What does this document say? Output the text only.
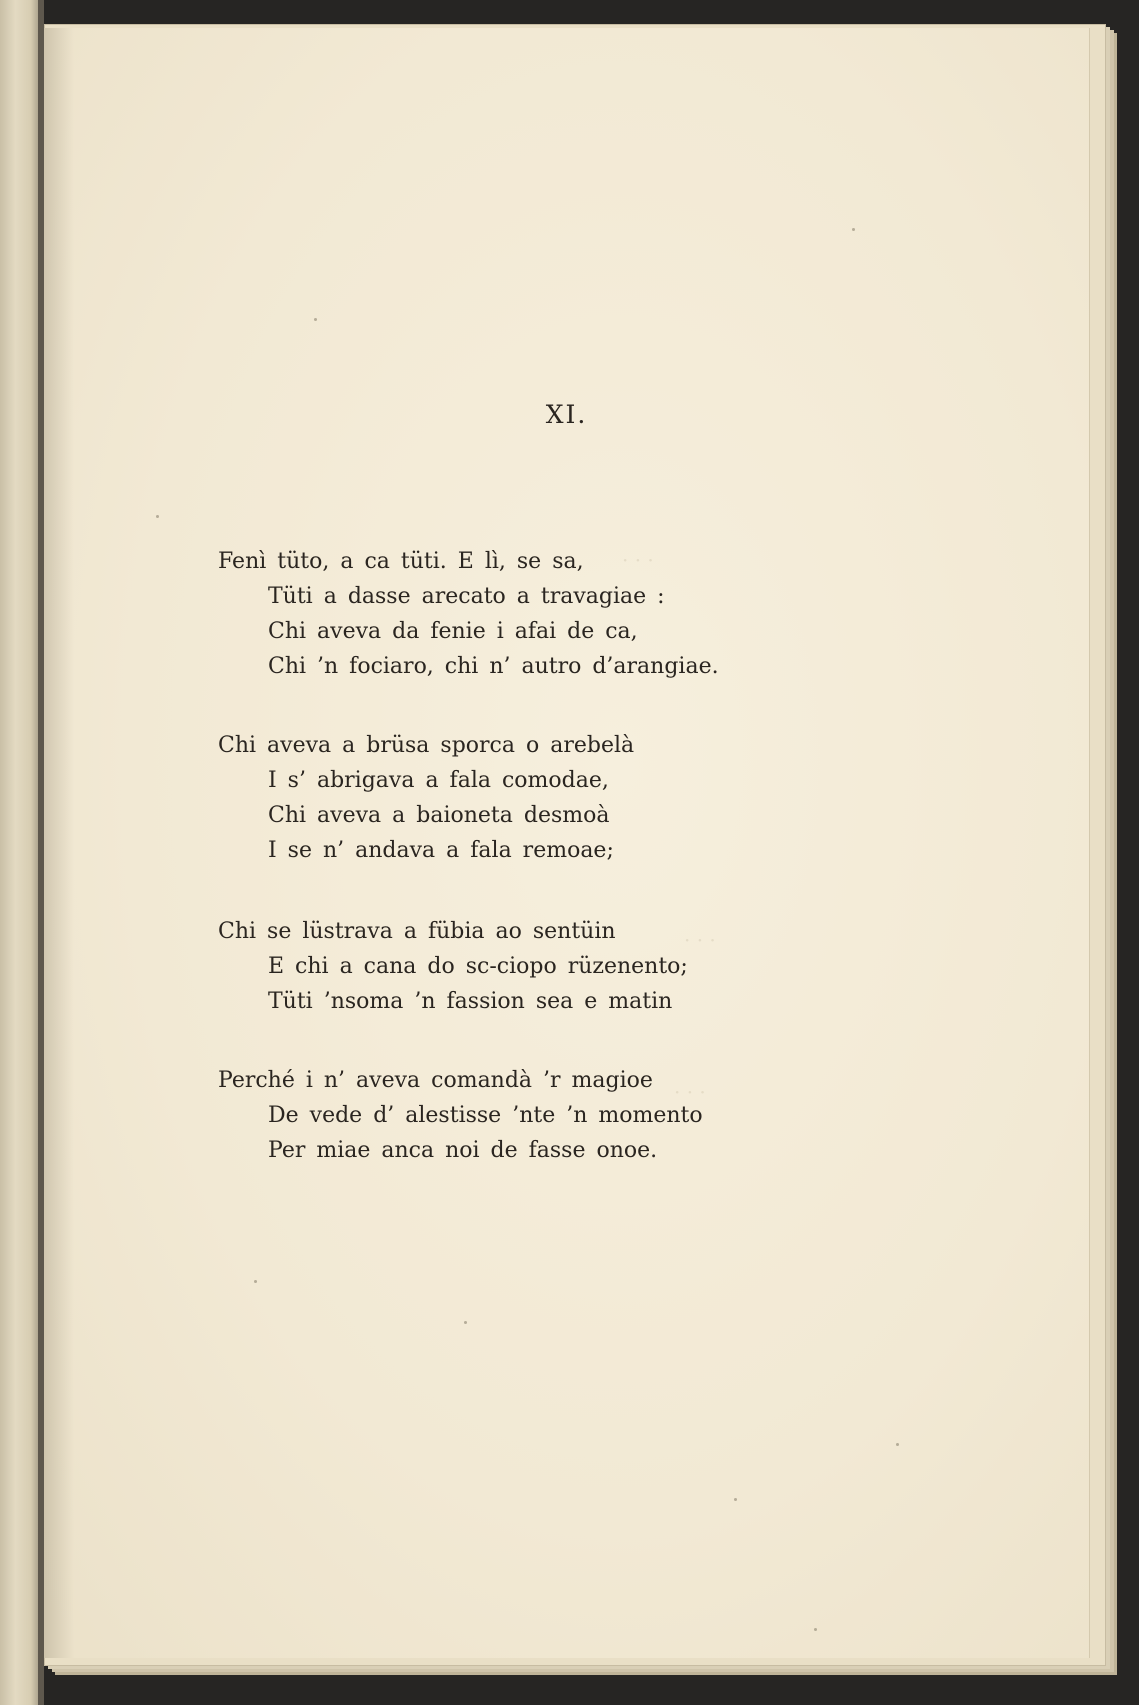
· · ·
· · ·
· · ·
XI.
Fenì tüto, a ca tüti. E lì, se sa,
Tüti a dasse arecato a travagiae :
Chi aveva da fenie i afai de ca,
Chi ’n fociaro, chi n’ autro d’arangiae.
Chi aveva a brüsa sporca o arebelà
I s’ abrigava a fala comodae,
Chi aveva a baioneta desmoà
I se n’ andava a fala remoae;
Chi se lüstrava a fübia ao sentüin
E chi a cana do sc-ciopo rüzenento;
Tüti ’nsoma ’n fassion sea e matin
Perché i n’ aveva comandà ’r magioe
De vede d’ alestisse ’nte ’n momento
Per miae anca noi de fasse onoe.
